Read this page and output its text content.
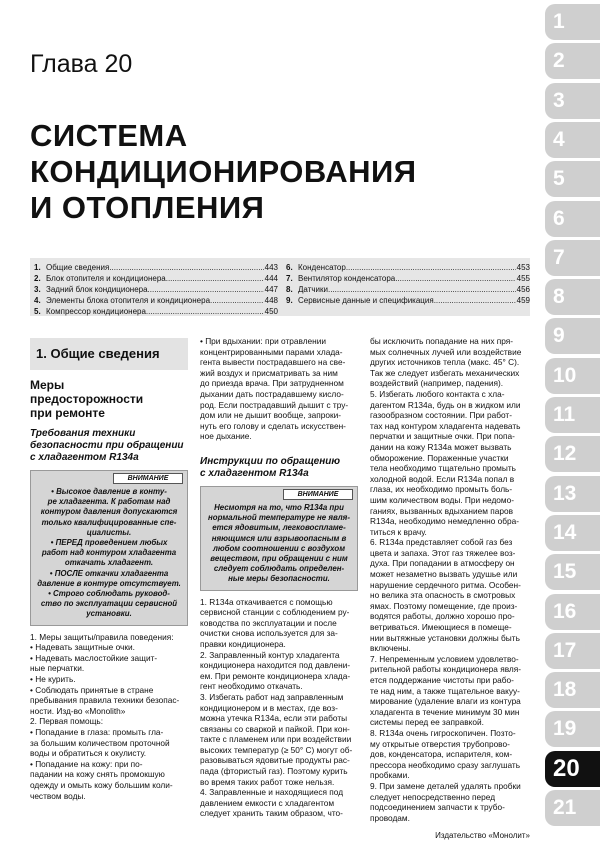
Глава 20
СИСТЕМА
КОНДИЦИОНИРОВАНИЯ
И ОТОПЛЕНИЯ
1. Общие сведения .....	443
2. Блок отопителя и кондиционера .....	444
3. Задний блок кондиционера .....	447
4. Элементы блока отопителя и кондиционера .....	448
5. Компрессор кондиционера .....	450
6. Конденсатор .....	453
7. Вентилятор конденсатора .....	455
8. Датчики .....	456
9. Сервисные данные и спецификация .....	459
1
2
3
4
5
6
7
8
9
10
11
12
13
14
15
16
17
18
19
20
21
1. Общие сведения
Меры
предосторожности
при ремонте
Требования техники
безопасности при обращении
с хладагентом R134a
ВНИМАНИЕ

• Высокое давление в конту-

ре хладагента. К работам над

контуром давления допускаются

только квалифицированные спе-

циалисты.

• ПЕРЕД проведением любых

работ над контуром хладагента

откачать хладагент.

• ПОСЛЕ откачки хладагента

давление в контуре отсутствует.

• Строго соблюдать руковод-

ство по эксплуатации сервисной

установки.

1. Меры защиты/правила поведения:

• Надевать защитные очки.

• Надевать маслостойкие защит-

ные перчатки.

• Не курить.

• Соблюдать принятые в стране

пребывания правила техники безопас-

ности. Изд-во «Monolith»

2. Первая помощь:

• Попадание в глаза: промыть гла-

за большим количеством проточной

воды и обратиться к окулисту.

• Попадание на кожу: при по-

падании на кожу снять промокшую

одежду и омыть кожу большим коли-

чеством воды.

• При вдыхании: при отравлении

концентрированными парами хлада-

гента вывести пострадавшего на све-

жий воздух и присматривать за ним

до приезда врача. При затрудненном

дыхании дать пострадавшему кисло-

род. Если пострадавший дышит с тру-

дом или не дышит вообще, запроки-

нуть его голову и сделать искусствен-

ное дыхание.

Инструкции по обращению
с хладагентом R134a
ВНИМАНИЕ

Несмотря на то, что R134a при

нормальной температуре не явля-

ется ядовитым, легковоспламе-

няющимся или взрывоопасным в

любом соотношении с воздухом

веществом, при обращении с ним

следует соблюдать определен-

ные меры безопасности.

1. R134a откачивается с помощью

сервисной станции с соблюдением ру-

ководства по эксплуатации и после

очистки снова используется для за-

правки кондиционера.

2. Заправленный контур хладагента

кондиционера находится под давлени-

ем. При ремонте кондиционера хлада-

гент необходимо откачать.

3. Избегать работ над заправленным

кондиционером и в местах, где воз-

можна утечка R134a, если эти работы

связаны со сваркой и пайкой. При кон-

такте с пламенем или при воздействии

высоких температур (≥ 50° C) могут об-

разовываться ядовитые продукты рас-

пада (фтористый газ). Поэтому курить

во время таких работ тоже нельзя.

4. Заправленные и находящиеся под

давлением емкости с хладагентом

следует хранить таким образом, что-

бы исключить попадание на них пря-

мых солнечных лучей или воздействие

других источников тепла (макс. 45° C).

Так же следует избегать механических

воздействий (например, падения).

5. Избегать любого контакта с хла-

дагентом R134a, будь он в жидком или

газообразном состоянии. При работ-

тах над контуром хладагента надевать

перчатки и защитные очки. При попа-

дании на кожу R134a может вызвать

обморожение. Пораженные участки

тела необходимо тщательно промыть

холодной водой. Если R134a попал в

глаза, их необходимо промыть боль-

шим количеством воды. При недомо-

ганиях, вызванных вдыханием паров

R134a, необходимо немедленно обра-

титься к врачу.

6. R134a представляет собой газ без

цвета и запаха. Этот газ тяжелее воз-

духа. При попадании в атмосферу он

может незаметно вызвать удушье или

нарушение сердечного ритма. Особен-

но велика эта опасность в смотровых

ямах. Поэтому помещение, где произ-

водятся работы, должно хорошо про-

ветриваться. Имеющиеся в помеще-

нии вытяжные установки должны быть

включены.

7. Непременным условием удовлетво-

рительной работы кондиционера явля-

ется поддержание чистоты при рабо-

те над ним, а также тщательное вакуу-

мирование (удаление влаги из контура

хладагента в течение минимум 30 мин

системы перед ее заправкой.

8. R134a очень гигроскопичен. Позто-

му открытые отверстия трубопрово-

дов, конденсатора, испарителя, ком-

прессора необходимо сразу заглушать

пробками.

9. При замене деталей удалять пробки

следует непосредственно перед

подсоединением запчасти к трубо-

проводам.

Издательство «Монолит»
